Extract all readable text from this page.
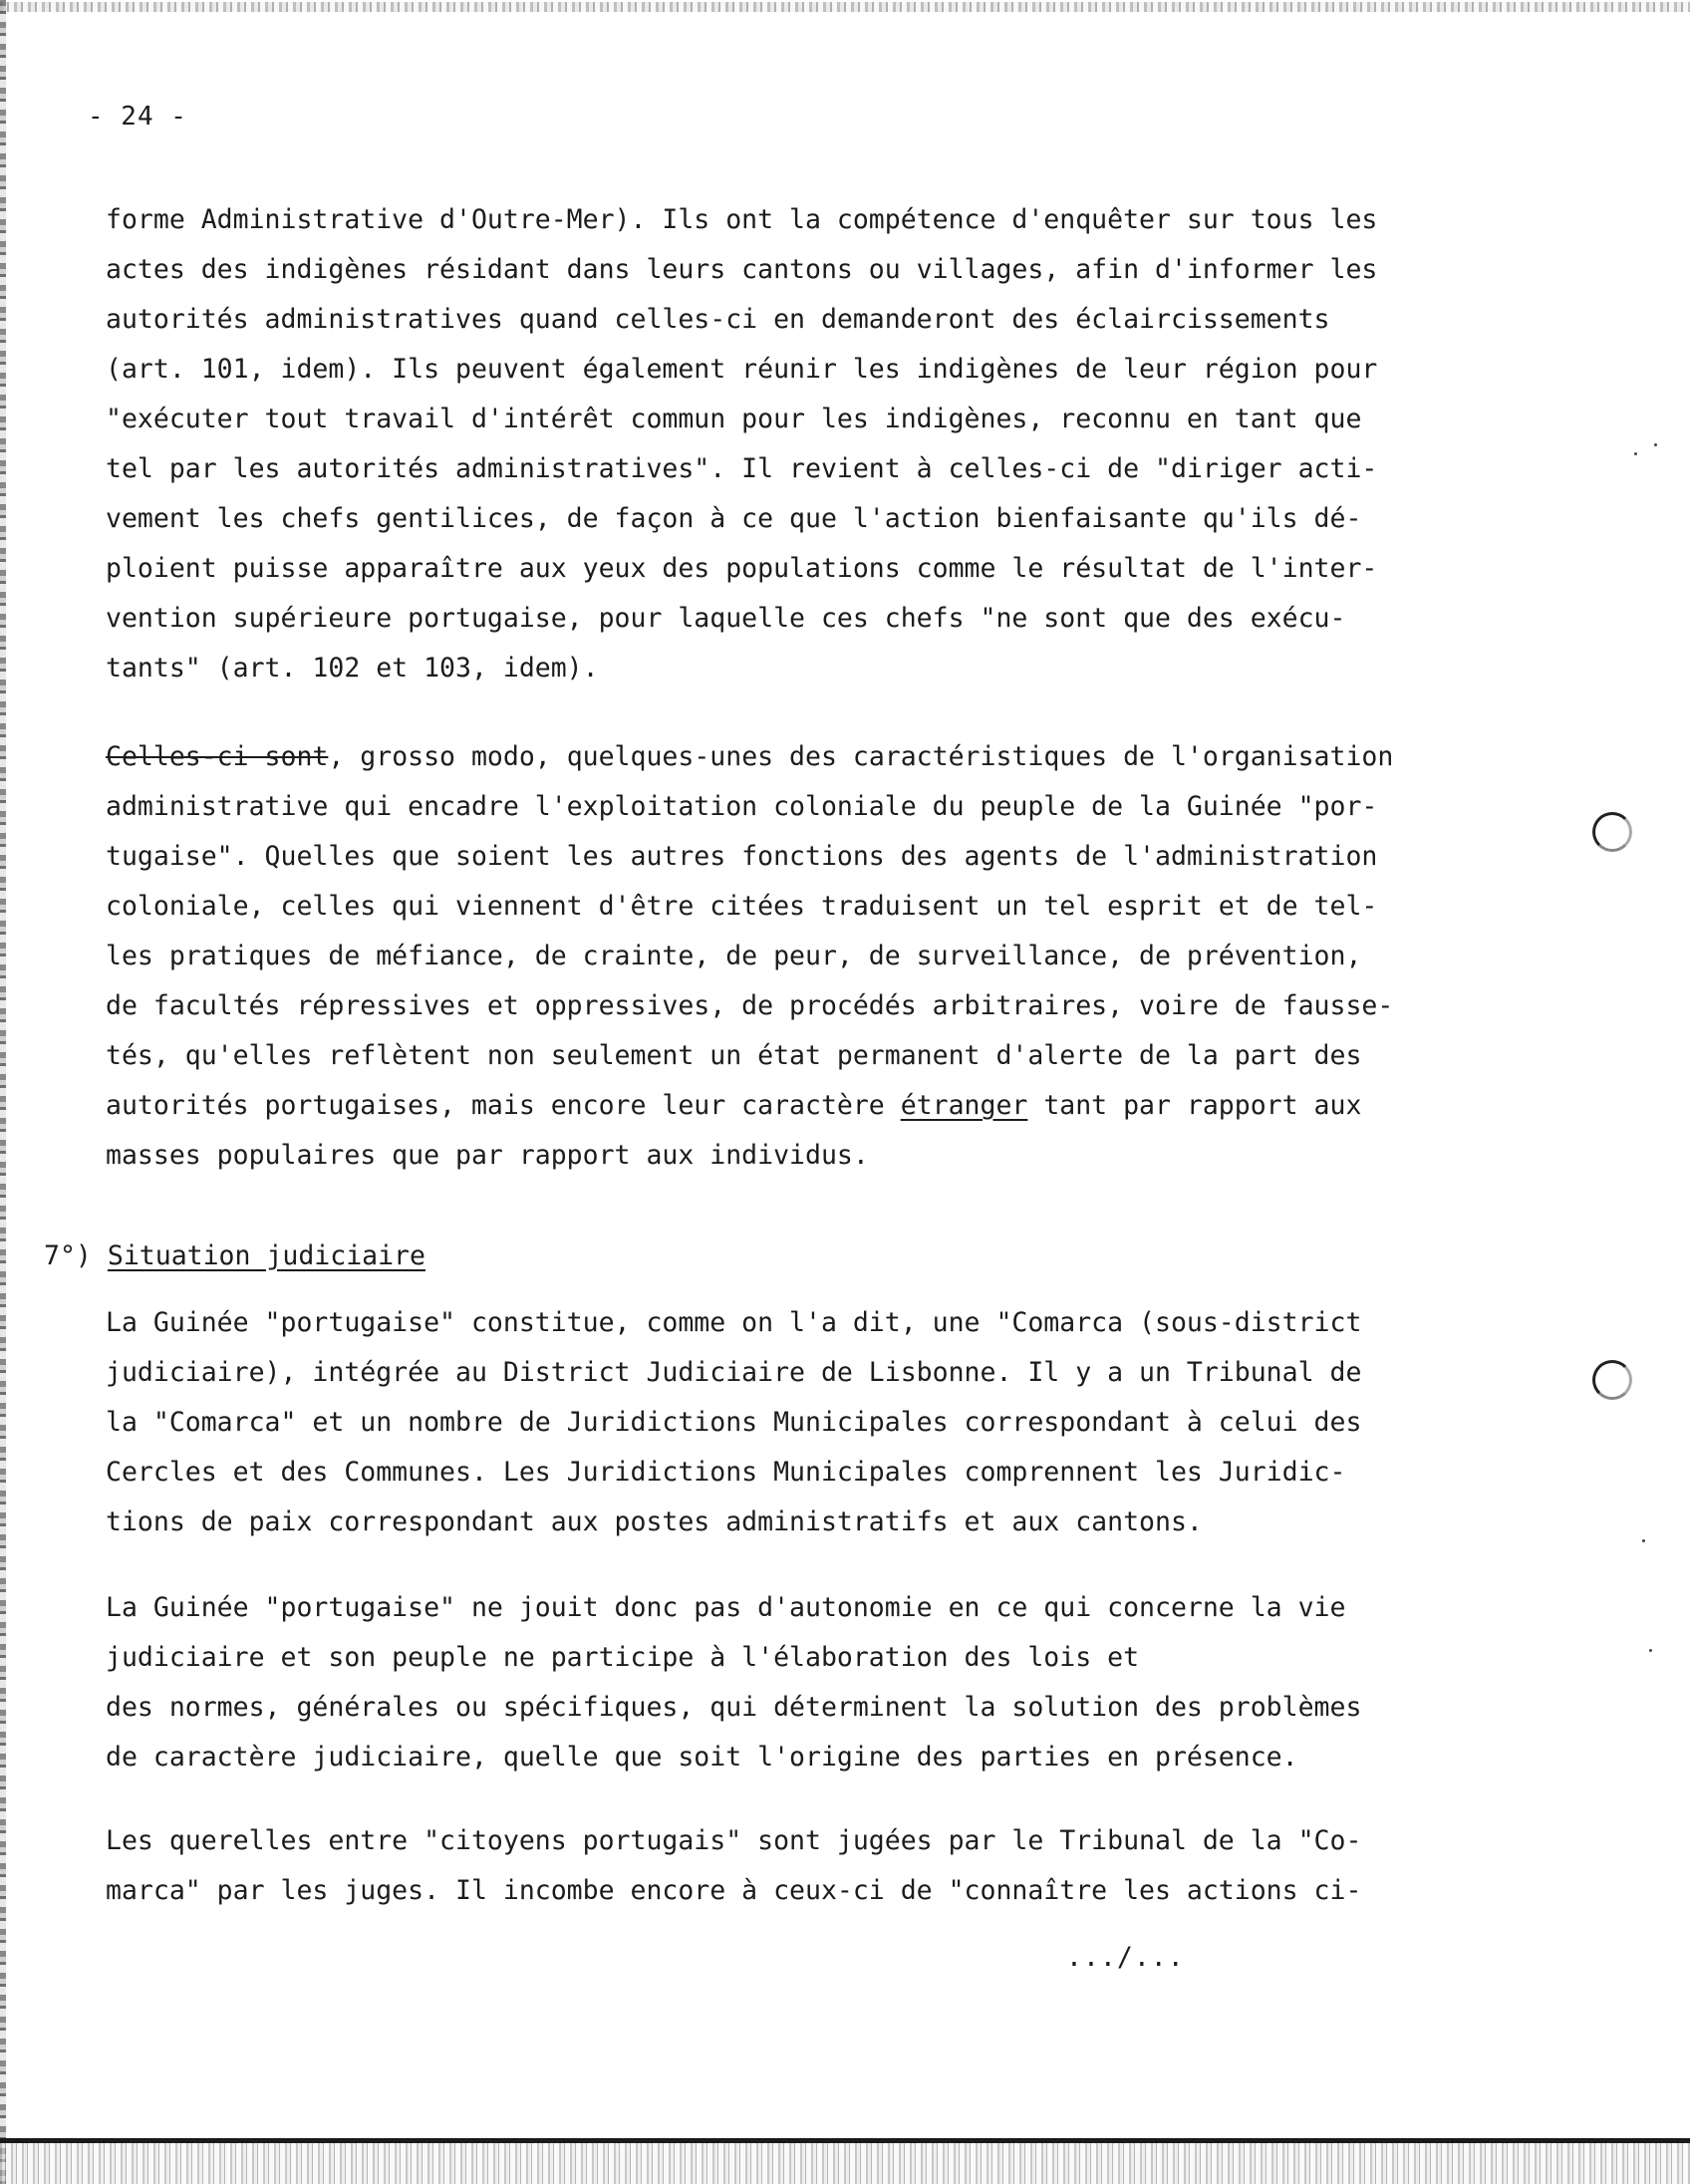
- 24 -
forme Administrative d'Outre-Mer). Ils ont la compétence d'enquêter sur tous les
actes des indigènes résidant dans leurs cantons ou villages, afin d'informer les
autorités administratives quand celles-ci en demanderont des éclaircissements
(art. 101, idem). Ils peuvent également réunir les indigènes de leur région pour
"exécuter tout travail d'intérêt commun pour les indigènes, reconnu en tant que
tel par les autorités administratives". Il revient à celles-ci de "diriger acti-
vement les chefs gentilices, de façon à ce que l'action bienfaisante qu'ils dé-
ploient puisse apparaître aux yeux des populations comme le résultat de l'inter-
vention supérieure portugaise, pour laquelle ces chefs "ne sont que des exécu-
tants" (art. 102 et 103, idem).
Celles-ci sont, grosso modo, quelques-unes des caractéristiques de l'organisation
administrative qui encadre l'exploitation coloniale du peuple de la Guinée "por-
tugaise". Quelles que soient les autres fonctions des agents de l'administration
coloniale, celles qui viennent d'être citées traduisent un tel esprit et de tel-
les pratiques de méfiance, de crainte, de peur, de surveillance, de prévention,
de facultés répressives et oppressives, de procédés arbitraires, voire de fausse-
tés, qu'elles reflètent non seulement un état permanent d'alerte de la part des
autorités portugaises, mais encore leur caractère étranger tant par rapport aux
masses populaires que par rapport aux individus.
7°) Situation judiciaire
La Guinée "portugaise" constitue, comme on l'a dit, une "Comarca (sous-district
judiciaire), intégrée au District Judiciaire de Lisbonne. Il y a un Tribunal de
la "Comarca" et un nombre de Juridictions Municipales correspondant à celui des
Cercles et des Communes. Les Juridictions Municipales comprennent les Juridic-
tions de paix correspondant aux postes administratifs et aux cantons.
La Guinée "portugaise" ne jouit donc pas d'autonomie en ce qui concerne la vie
judiciaire et son peuple ne participe à l'élaboration des lois et
des normes, générales ou spécifiques, qui déterminent la solution des problèmes
de caractère judiciaire, quelle que soit l'origine des parties en présence.
Les querelles entre "citoyens portugais" sont jugées par le Tribunal de la "Co-
marca" par les juges. Il incombe encore à ceux-ci de "connaître les actions ci-
.../...
